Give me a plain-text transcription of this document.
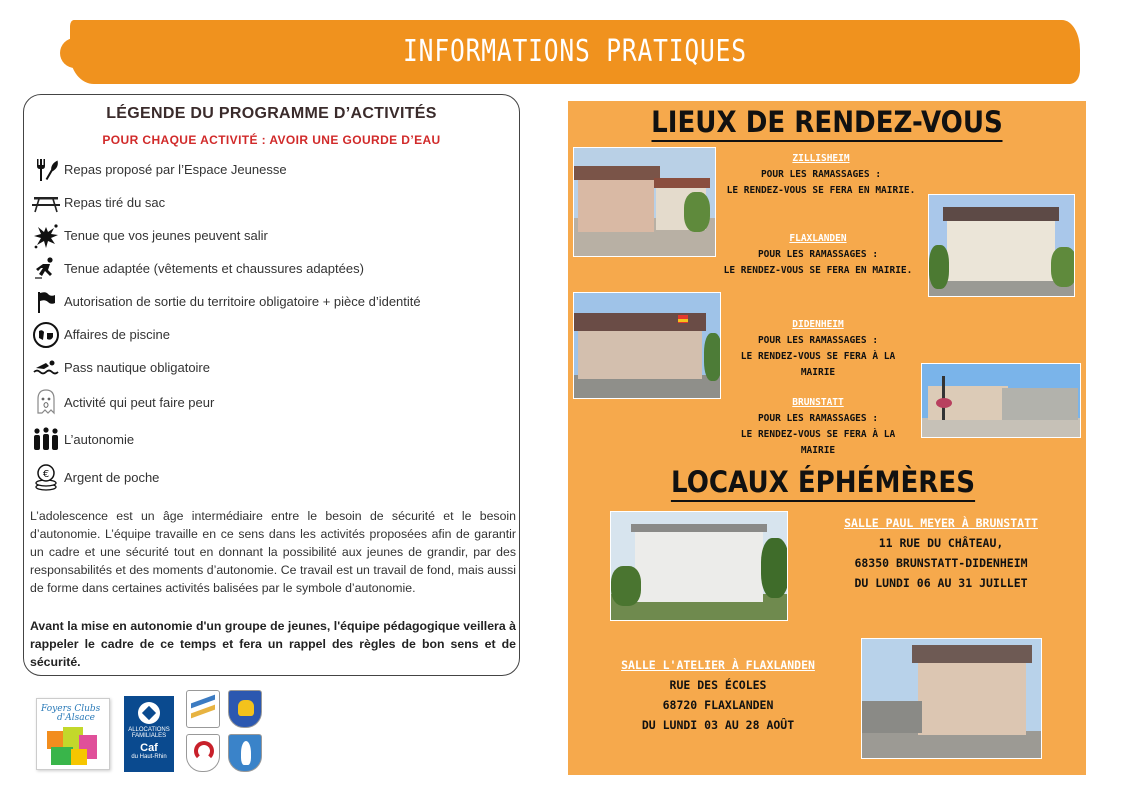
INFORMATIONS PRATIQUES
LÉGENDE DU PROGRAMME D’ACTIVITÉS
POUR CHAQUE ACTIVITÉ : AVOIR UNE GOURDE D’EAU
Repas proposé par l’Espace Jeunesse
Repas tiré du sac
Tenue que vos jeunes peuvent salir
Tenue adaptée (vêtements et chaussures adaptées)
Autorisation de sortie du territoire obligatoire + pièce d’identité
Affaires de piscine
Pass nautique obligatoire
Activité qui peut faire peur
L’autonomie
€ Argent de poche
L’adolescence est un âge intermédiaire entre le besoin de sécurité et le besoin d’autonomie. L’équipe travaille en ce sens dans les activités proposées afin de garantir un cadre et une sécurité tout en donnant la possibilité aux jeunes de grandir, par des responsabilités et des moments d’autonomie. Ce travail est un travail de fond, mais aussi de forme dans certaines activités balisées par le symbole d’autonomie.
Avant la mise en autonomie d'un groupe de jeunes, l'équipe pédagogique veillera à rappeler le cadre de ce temps et fera un rappel des règles de bon sens et de sécurité.
Foyers Clubs
d'Alsace
ALLOCATIONS
FAMILIALES
Caf
du Haut-Rhin
LIEUX DE RENDEZ-VOUS
ZILLISHEIM
POUR LES RAMASSAGES :
LE RENDEZ-VOUS SE FERA EN MAIRIE.
FLAXLANDEN
POUR LES RAMASSAGES :
LE RENDEZ-VOUS SE FERA EN MAIRIE.
DIDENHEIM
POUR LES RAMASSAGES :
LE RENDEZ-VOUS SE FERA À LA
MAIRIE
BRUNSTATT
POUR LES RAMASSAGES :
LE RENDEZ-VOUS SE FERA À LA
MAIRIE
LOCAUX ÉPHÉMÈRES
SALLE PAUL MEYER À BRUNSTATT
11 RUE DU CHÂTEAU,
68350 BRUNSTATT-DIDENHEIM
DU LUNDI 06 AU 31 JUILLET
SALLE L'ATELIER À FLAXLANDEN
RUE DES ÉCOLES
68720 FLAXLANDEN
DU LUNDI 03 AU 28 AOÛT
